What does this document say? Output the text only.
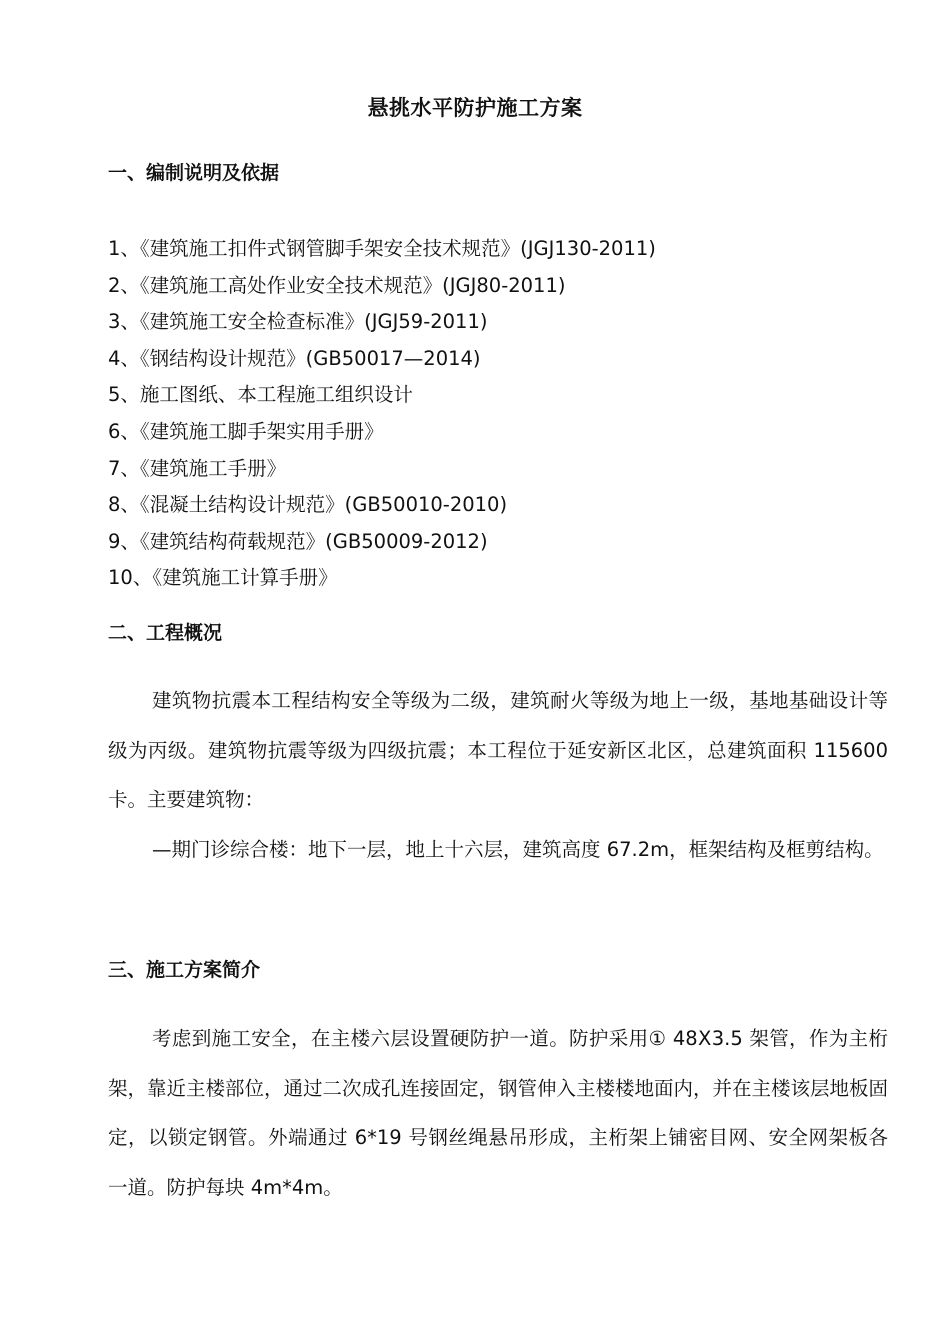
悬挑水平防护施工方案
一、编制说明及依据
1、《建筑施工扣件式钢管脚手架安全技术规范》(JGJ130-2011)
2、《建筑施工高处作业安全技术规范》(JGJ80-2011)
3、《建筑施工安全检查标准》(JGJ59-2011)
4、《钢结构设计规范》(GB50017—2014)
5、施工图纸、本工程施工组织设计
6、《建筑施工脚手架实用手册》
7、《建筑施工手册》
8、《混凝土结构设计规范》(GB50010-2010)
9、《建筑结构荷载规范》(GB50009-2012)
10、《建筑施工计算手册》
二、工程概况

建筑物抗震本工程结构安全等级为二级，建筑耐火等级为地上一级，基地基础设计等级为丙级。建筑物抗震等级为四级抗震；本工程位于延安新区北区，总建筑面积 115600 卡。主要建筑物：

—期门诊综合楼：地下一层，地上十六层，建筑高度 67.2m，框架结构及框剪结构。

三、施工方案简介

考虑到施工安全，在主楼六层设置硬防护一道。防护采用① 48Ⅹ3.5 架管，作为主桁架，靠近主楼部位，通过二次成孔连接固定，钢管伸入主楼楼地面内，并在主楼该层地板固定，以锁定钢管。外端通过 6*19 号钢丝绳悬吊形成，主桁架上铺密目网、安全网架板各一道。防护每块 4m*4m。
